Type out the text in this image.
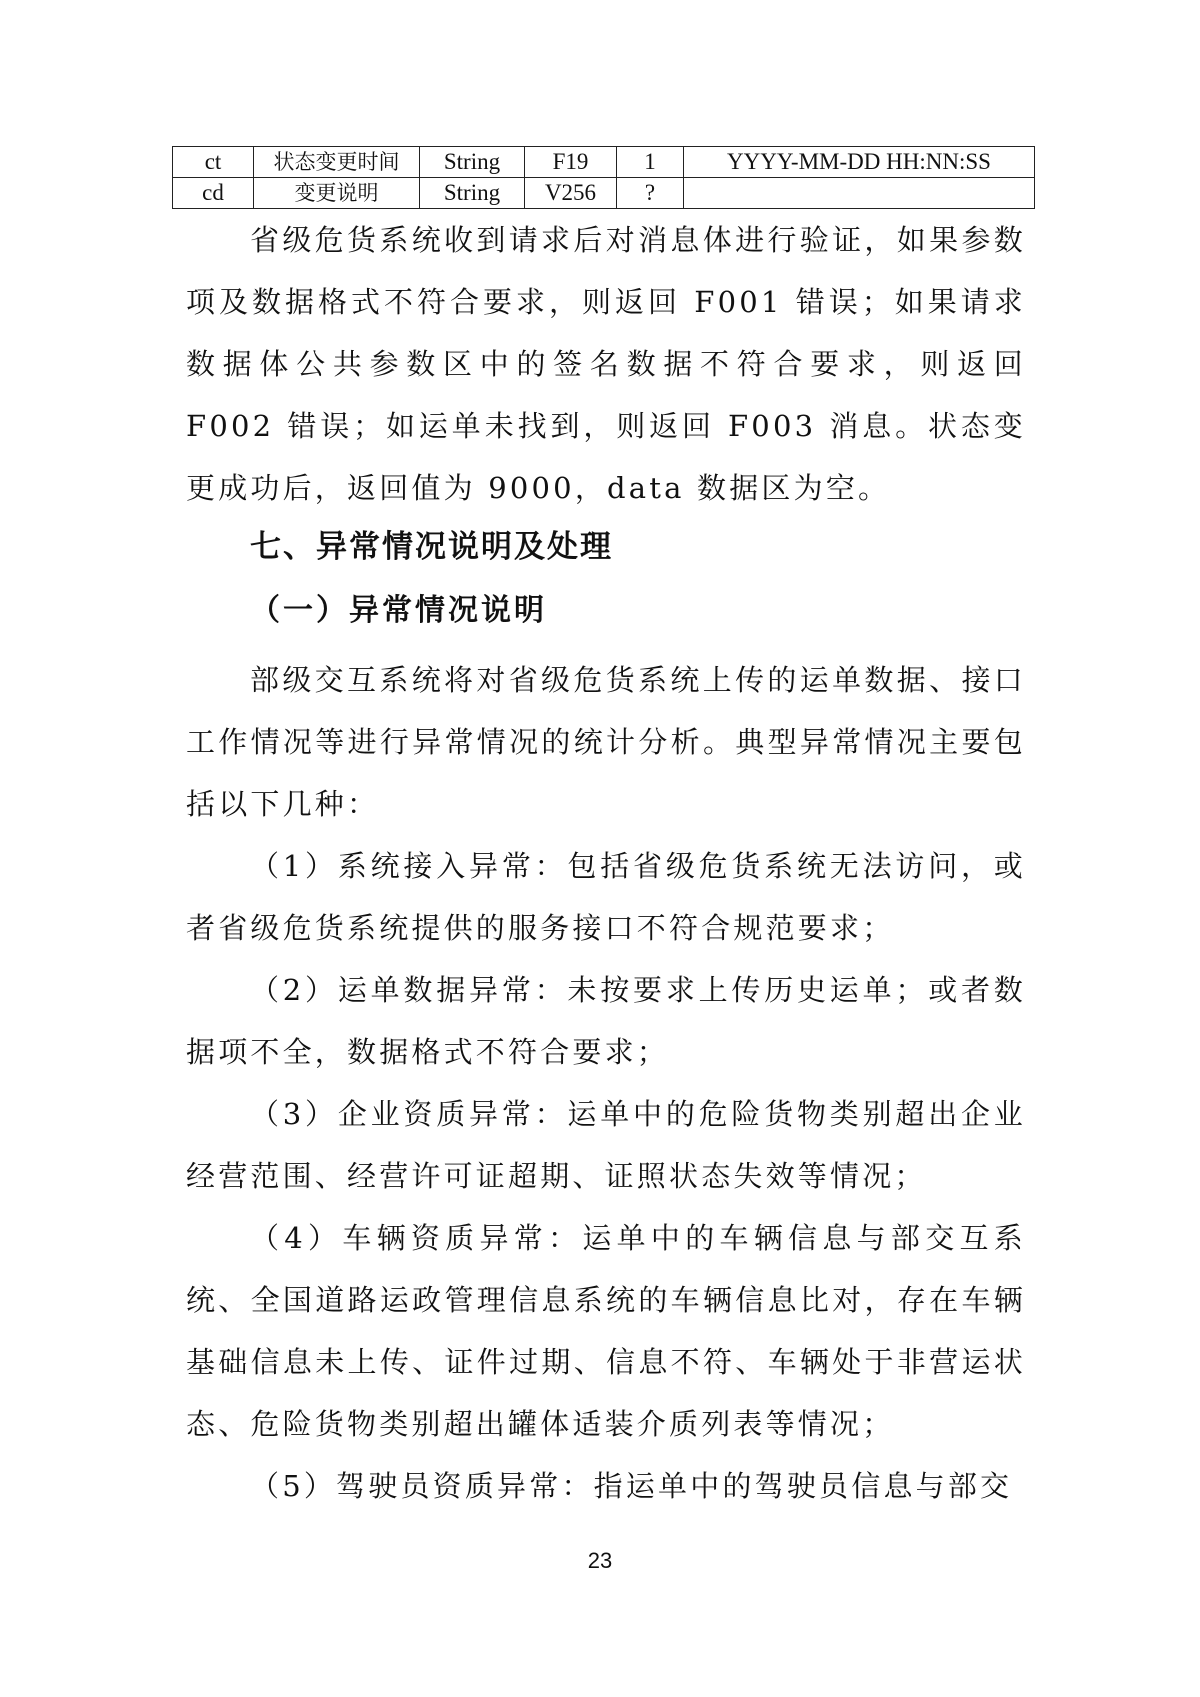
ct	状态变更时间	String	F19	1	YYYY-MM-DD HH:NN:SS
cd	变更说明	String	V256	?	

省级危货系统收到请求后对消息体进行验证，如果参数项及数据格式不符合要求，则返回 F001 错误；如果请求数据体公共参数区中的签名数据不符合要求，则返回 F002 错误；如运单未找到，则返回 F003 消息。状态变更成功后，返回值为 9000，data 数据区为空。

七、异常情况说明及处理
（一）异常情况说明

部级交互系统将对省级危货系统上传的运单数据、接口工作情况等进行异常情况的统计分析。典型异常情况主要包括以下几种：

（1）系统接入异常：包括省级危货系统无法访问，或者省级危货系统提供的服务接口不符合规范要求；

（2）运单数据异常：未按要求上传历史运单；或者数据项不全，数据格式不符合要求；

（3）企业资质异常：运单中的危险货物类别超出企业经营范围、经营许可证超期、证照状态失效等情况；

（4）车辆资质异常：运单中的车辆信息与部交互系统、全国道路运政管理信息系统的车辆信息比对，存在车辆基础信息未上传、证件过期、信息不符、车辆处于非营运状态、危险货物类别超出罐体适装介质列表等情况；

（5）驾驶员资质异常：指运单中的驾驶员信息与部交

23
